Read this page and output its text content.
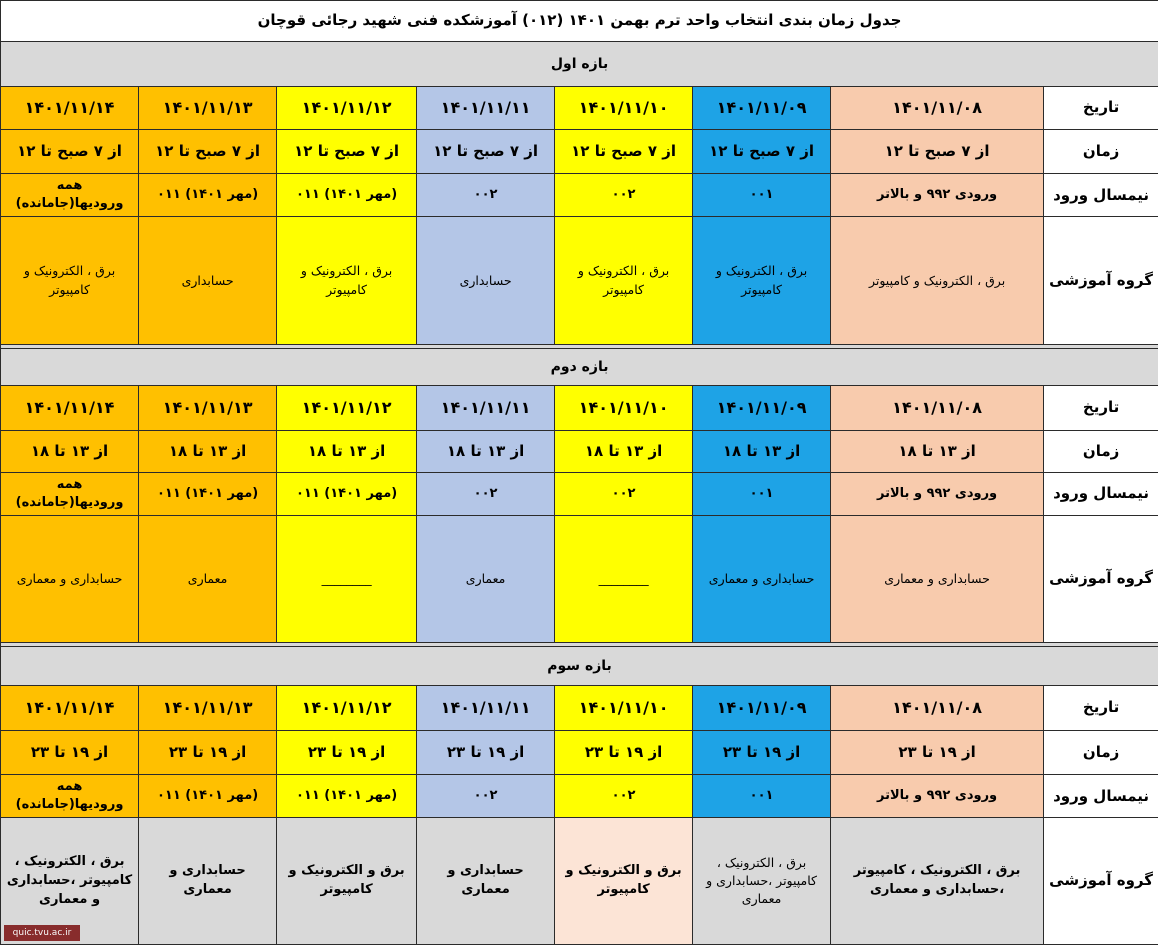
جدول زمان بندی انتخاب واحد ترم بهمن ۱۴۰۱ (۰۱۲) آموزشکده فنی شهید رجائی قوچان							
بازه اول							
تاریخ	۱۴۰۱/۱۱/۰۸	۱۴۰۱/۱۱/۰۹	۱۴۰۱/۱۱/۱۰	۱۴۰۱/۱۱/۱۱	۱۴۰۱/۱۱/۱۲	۱۴۰۱/۱۱/۱۳	۱۴۰۱/۱۱/۱۴
زمان	از ۷ صبح تا ۱۲	از ۷ صبح تا ۱۲	از ۷ صبح تا ۱۲	از ۷ صبح تا ۱۲	از ۷ صبح تا ۱۲	از ۷ صبح تا ۱۲	از ۷ صبح تا ۱۲
نیمسال ورود	ورودی ۹۹۲ و بالاتر	۰۰۱	۰۰۲	۰۰۲	(مهر ۱۴۰۱) ۰۱۱	(مهر ۱۴۰۱) ۰۱۱	همه ورودیها(جامانده)
گروه آموزشی	برق ، الکترونیک و کامپیوتر	برق ، الکترونیک و کامپیوتر	برق ، الکترونیک و کامپیوتر	حسابداری	برق ، الکترونیک و کامپیوتر	حسابداری	برق ، الکترونیک و کامپیوتر

بازه دوم							
تاریخ	۱۴۰۱/۱۱/۰۸	۱۴۰۱/۱۱/۰۹	۱۴۰۱/۱۱/۱۰	۱۴۰۱/۱۱/۱۱	۱۴۰۱/۱۱/۱۲	۱۴۰۱/۱۱/۱۳	۱۴۰۱/۱۱/۱۴
زمان	از ۱۳ تا ۱۸	از ۱۳ تا ۱۸	از ۱۳ تا ۱۸	از ۱۳ تا ۱۸	از ۱۳ تا ۱۸	از ۱۳ تا ۱۸	از ۱۳ تا ۱۸
نیمسال ورود	ورودی ۹۹۲ و بالاتر	۰۰۱	۰۰۲	۰۰۲	(مهر ۱۴۰۱) ۰۱۱	(مهر ۱۴۰۱) ۰۱۱	همه ورودیها(جامانده)
گروه آموزشی	حسابداری و معماری	حسابداری و معماری	________	معماری	________	معماری	حسابداری و معماری

بازه سوم							
تاریخ	۱۴۰۱/۱۱/۰۸	۱۴۰۱/۱۱/۰۹	۱۴۰۱/۱۱/۱۰	۱۴۰۱/۱۱/۱۱	۱۴۰۱/۱۱/۱۲	۱۴۰۱/۱۱/۱۳	۱۴۰۱/۱۱/۱۴
زمان	از ۱۹ تا ۲۳	از ۱۹ تا ۲۳	از ۱۹ تا ۲۳	از ۱۹ تا ۲۳	از ۱۹ تا ۲۳	از ۱۹ تا ۲۳	از ۱۹ تا ۲۳
نیمسال ورود	ورودی ۹۹۲ و بالاتر	۰۰۱	۰۰۲	۰۰۲	(مهر ۱۴۰۱) ۰۱۱	(مهر ۱۴۰۱) ۰۱۱	همه ورودیها(جامانده)
گروه آموزشی	برق ، الکترونیک ، کامپیوتر ،حسابداری و معماری	برق ، الکترونیک ، کامپیوتر ،حسابداری و معماری	برق و الکترونیک و کامپیوتر	حسابداری و معماری	برق و الکترونیک و کامپیوتر	حسابداری و معماری	برق ، الکترونیک ، کامپیوتر ،حسابداری و معماری
quic.tvu.ac.ir
